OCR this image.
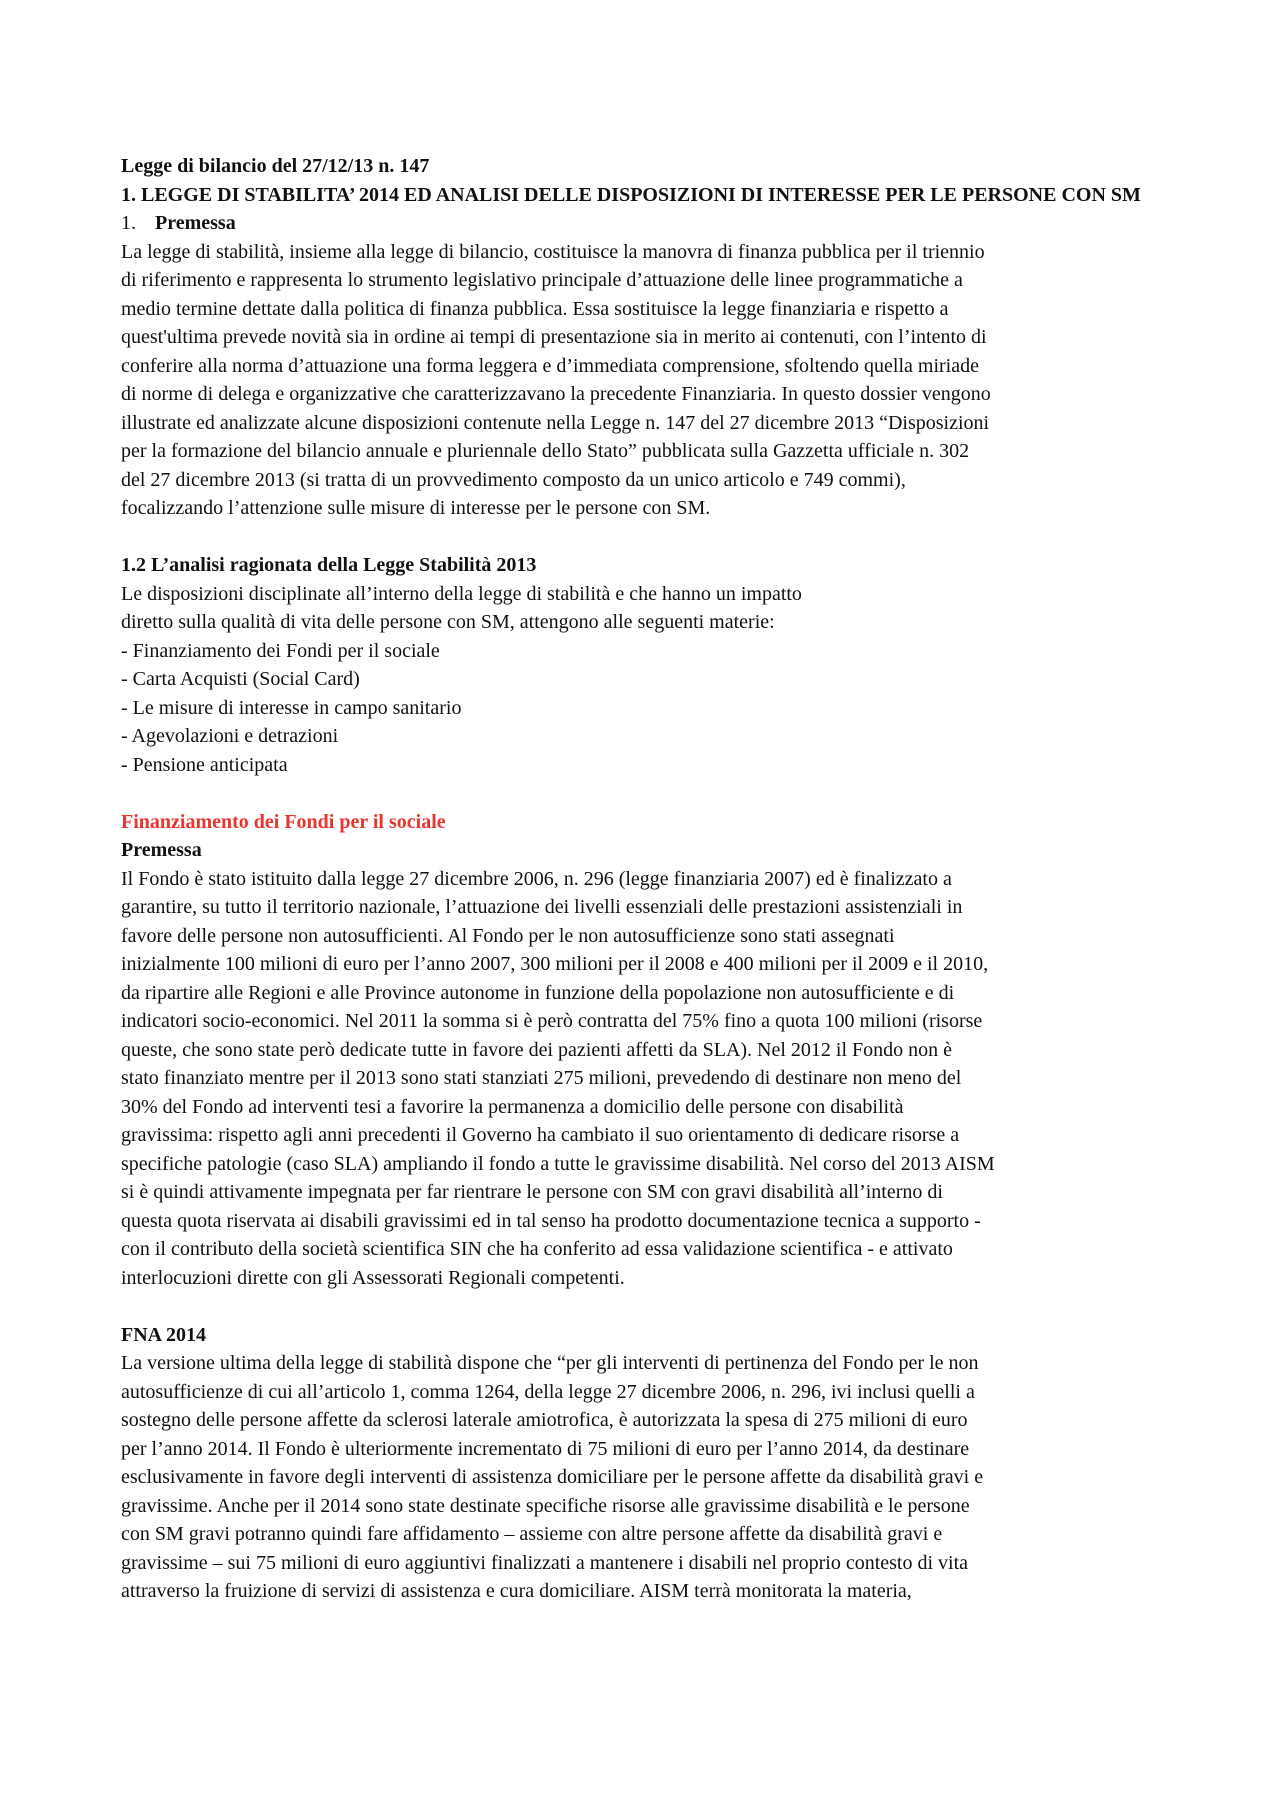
Legge di bilancio del 27/12/13 n. 147

1. LEGGE DI STABILITA’ 2014 ED ANALISI DELLE DISPOSIZIONI DI INTERESSE PER LE PERSONE CON SM

1. Premessa

La legge di stabilità, insieme alla legge di bilancio, costituisce la manovra di finanza pubblica per il triennio
di riferimento e rappresenta lo strumento legislativo principale d’attuazione delle linee programmatiche a
medio termine dettate dalla politica di finanza pubblica. Essa sostituisce la legge finanziaria e rispetto a
quest'ultima prevede novità sia in ordine ai tempi di presentazione sia in merito ai contenuti, con l’intento di
conferire alla norma d’attuazione una forma leggera e d’immediata comprensione, sfoltendo quella miriade
di norme di delega e organizzative che caratterizzavano la precedente Finanziaria. In questo dossier vengono
illustrate ed analizzate alcune disposizioni contenute nella Legge n. 147 del 27 dicembre 2013 “Disposizioni
per la formazione del bilancio annuale e pluriennale dello Stato” pubblicata sulla Gazzetta ufficiale n. 302
del 27 dicembre 2013 (si tratta di un provvedimento composto da un unico articolo e 749 commi),
focalizzando l’attenzione sulle misure di interesse per le persone con SM.

1.2 L’analisi ragionata della Legge Stabilità 2013

Le disposizioni disciplinate all’interno della legge di stabilità e che hanno un impatto
diretto sulla qualità di vita delle persone con SM, attengono alle seguenti materie:
- Finanziamento dei Fondi per il sociale
- Carta Acquisti (Social Card)
- Le misure di interesse in campo sanitario
- Agevolazioni e detrazioni
- Pensione anticipata

Finanziamento dei Fondi per il sociale

Premessa

Il Fondo è stato istituito dalla legge 27 dicembre 2006, n. 296 (legge finanziaria 2007) ed è finalizzato a
garantire, su tutto il territorio nazionale, l’attuazione dei livelli essenziali delle prestazioni assistenziali in
favore delle persone non autosufficienti. Al Fondo per le non autosufficienze sono stati assegnati
inizialmente 100 milioni di euro per l’anno 2007, 300 milioni per il 2008 e 400 milioni per il 2009 e il 2010,
da ripartire alle Regioni e alle Province autonome in funzione della popolazione non autosufficiente e di
indicatori socio-economici. Nel 2011 la somma si è però contratta del 75% fino a quota 100 milioni (risorse
queste, che sono state però dedicate tutte in favore dei pazienti affetti da SLA). Nel 2012 il Fondo non è
stato finanziato mentre per il 2013 sono stati stanziati 275 milioni, prevedendo di destinare non meno del
30% del Fondo ad interventi tesi a favorire la permanenza a domicilio delle persone con disabilità
gravissima: rispetto agli anni precedenti il Governo ha cambiato il suo orientamento di dedicare risorse a
specifiche patologie (caso SLA) ampliando il fondo a tutte le gravissime disabilità. Nel corso del 2013 AISM
si è quindi attivamente impegnata per far rientrare le persone con SM con gravi disabilità all’interno di
questa quota riservata ai disabili gravissimi ed in tal senso ha prodotto documentazione tecnica a supporto -
con il contributo della società scientifica SIN che ha conferito ad essa validazione scientifica - e attivato
interlocuzioni dirette con gli Assessorati Regionali competenti.

FNA 2014

La versione ultima della legge di stabilità dispone che “per gli interventi di pertinenza del Fondo per le non
autosufficienze di cui all’articolo 1, comma 1264, della legge 27 dicembre 2006, n. 296, ivi inclusi quelli a
sostegno delle persone affette da sclerosi laterale amiotrofica, è autorizzata la spesa di 275 milioni di euro
per l’anno 2014. Il Fondo è ulteriormente incrementato di 75 milioni di euro per l’anno 2014, da destinare
esclusivamente in favore degli interventi di assistenza domiciliare per le persone affette da disabilità gravi e
gravissime. Anche per il 2014 sono state destinate specifiche risorse alle gravissime disabilità e le persone
con SM gravi potranno quindi fare affidamento – assieme con altre persone affette da disabilità gravi e
gravissime – sui 75 milioni di euro aggiuntivi finalizzati a mantenere i disabili nel proprio contesto di vita
attraverso la fruizione di servizi di assistenza e cura domiciliare. AISM terrà monitorata la materia,
